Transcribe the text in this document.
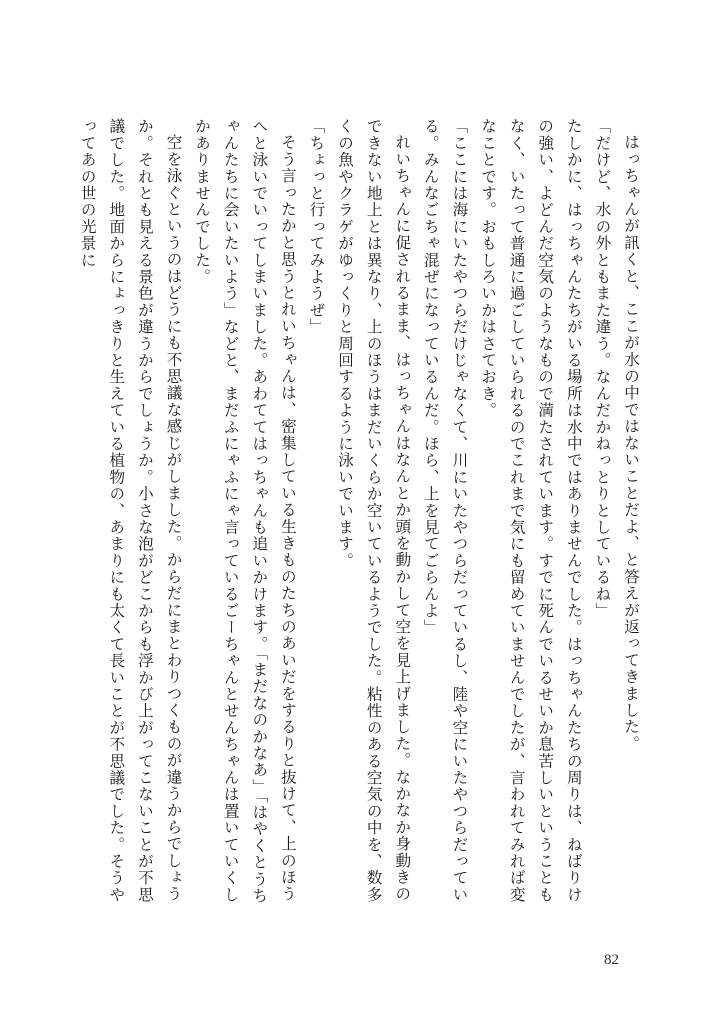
はっちゃんが訊くと、ここが水の中ではないことだよ、と答えが返ってきました。

「だけど、水の外ともまた違う。なんだかねっとりとしているね」

たしかに、はっちゃんたちがいる場所は水中ではありませんでした。はっちゃんたちの周りは、ねばりけの強い、よどんだ空気のようなもので満たされています。すでに死んでいるせいか息苦しいということもなく、いたって普通に過ごしていられるのでこれまで気にも留めていませんでしたが、言われてみれば変なことです。おもしろいかはさておき。

「ここには海にいたやつらだけじゃなくて、川にいたやつらだっているし、陸や空にいたやつらだっている。みんなごちゃ混ぜになっているんだ。ほら、上を見てごらんよ」

れいちゃんに促されるまま、はっちゃんはなんとか頭を動かして空を見上げました。なかなか身動きのできない地上とは異なり、上のほうはまだいくらか空いているようでした。粘性のある空気の中を、数多くの魚やクラゲがゆっくりと周回するように泳いでいます。

「ちょっと行ってみようぜ」

そう言ったかと思うとれいちゃんは、密集している生きものたちのあいだをするりと抜けて、上のほうへと泳いでいってしまいました。あわててはっちゃんも追いかけます。「まだなのかなあ」「はやくとうちゃんたちに会いたいよう」などと、まだふにゃふにゃ言っているごーちゃんとせんちゃんは置いていくしかありませんでした。

空を泳ぐというのはどうにも不思議な感じがしました。からだにまとわりつくものが違うからでしょうか。それとも見える景色が違うからでしょうか。小さな泡がどこからも浮かび上がってこないことが不思議でした。地面からにょっきりと生えている植物の、あまりにも太くて長いことが不思議でした。そうやってあの世の光景に

82
